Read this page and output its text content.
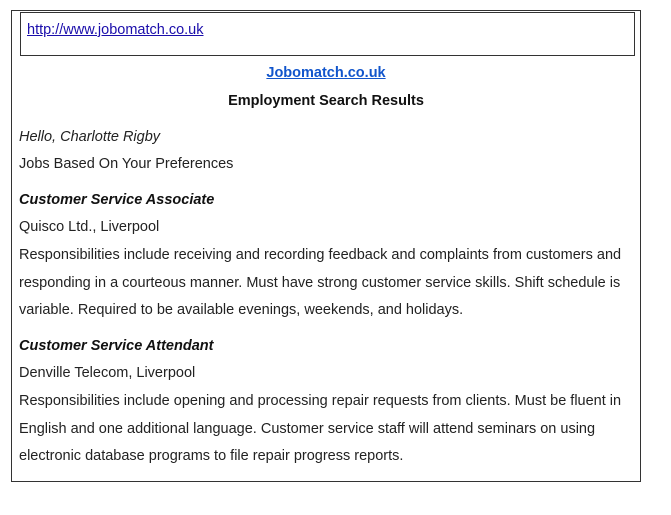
http://www.jobomatch.co.uk
Jobomatch.co.uk
Employment Search Results
Hello, Charlotte Rigby
Jobs Based On Your Preferences
Customer Service Associate
Quisco Ltd., Liverpool
Responsibilities include receiving and recording feedback and complaints from customers and responding in a courteous manner. Must have strong customer service skills. Shift schedule is variable. Required to be available evenings, weekends, and holidays.
Customer Service Attendant
Denville Telecom, Liverpool
Responsibilities include opening and processing repair requests from clients. Must be fluent in English and one additional language. Customer service staff will attend seminars on using electronic database programs to file repair progress reports.
